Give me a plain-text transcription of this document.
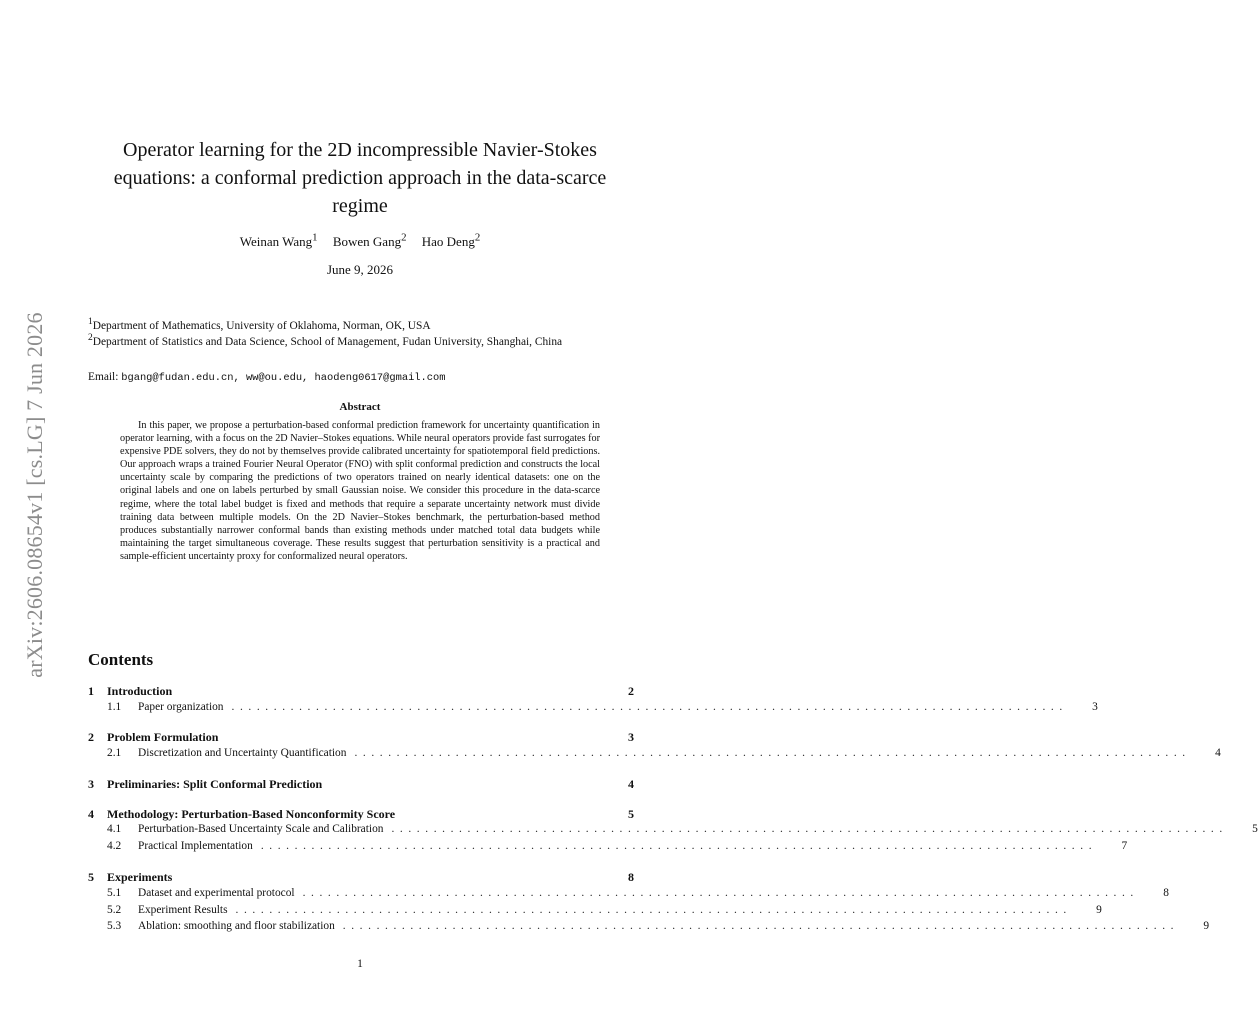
arXiv:2606.08654v1 [cs.LG] 7 Jun 2026
Operator learning for the 2D incompressible Navier-Stokes
equations: a conformal prediction approach in the data-scarce
regime
Weinan Wang$^1$ Bowen Gang$^2$ Hao Deng$^2$
June 9, 2026
$^1$Department of Mathematics, University of Oklahoma, Norman, OK, USA
$^2$Department of Statistics and Data Science, School of Management, Fudan University, Shanghai, China
Email: bgang@fudan.edu.cn, ww@ou.edu, haodeng0617@gmail.com
Abstract
In this paper, we propose a perturbation-based conformal prediction framework for uncertainty quantification in operator learning, with a focus on the 2D Navier–Stokes equations. While neural operators provide fast surrogates for expensive PDE solvers, they do not by themselves provide calibrated uncertainty for spatiotemporal field predictions. Our approach wraps a trained Fourier Neural Operator (FNO) with split conformal prediction and constructs the local uncertainty scale by comparing the predictions of two operators trained on nearly identical datasets: one on the original labels and one on labels perturbed by small Gaussian noise. We consider this procedure in the data-scarce regime, where the total label budget is fixed and methods that require a separate uncertainty network must divide training data between multiple models. On the 2D Navier–Stokes benchmark, the perturbation-based method produces substantially narrower conformal bands than existing methods under matched total data budgets while maintaining the target simultaneous coverage. These results suggest that perturbation sensitivity is a practical and sample-efficient uncertainty proxy for conformalized neural operators.
Contents
1	Introduction	2
1.1	Paper organization ...................................................................................................	3
2	Problem Formulation	3
2.1	Discretization and Uncertainty Quantification ...................................................................................................	4
3	Preliminaries: Split Conformal Prediction	4
4	Methodology: Perturbation-Based Nonconformity Score	5
4.1	Perturbation-Based Uncertainty Scale and Calibration ...................................................................................................	5
4.2	Practical Implementation ...................................................................................................	7
5	Experiments	8
5.1	Dataset and experimental protocol ...................................................................................................	8
5.2	Experiment Results ...................................................................................................	9
5.3	Ablation: smoothing and floor stabilization ...................................................................................................	9
1
